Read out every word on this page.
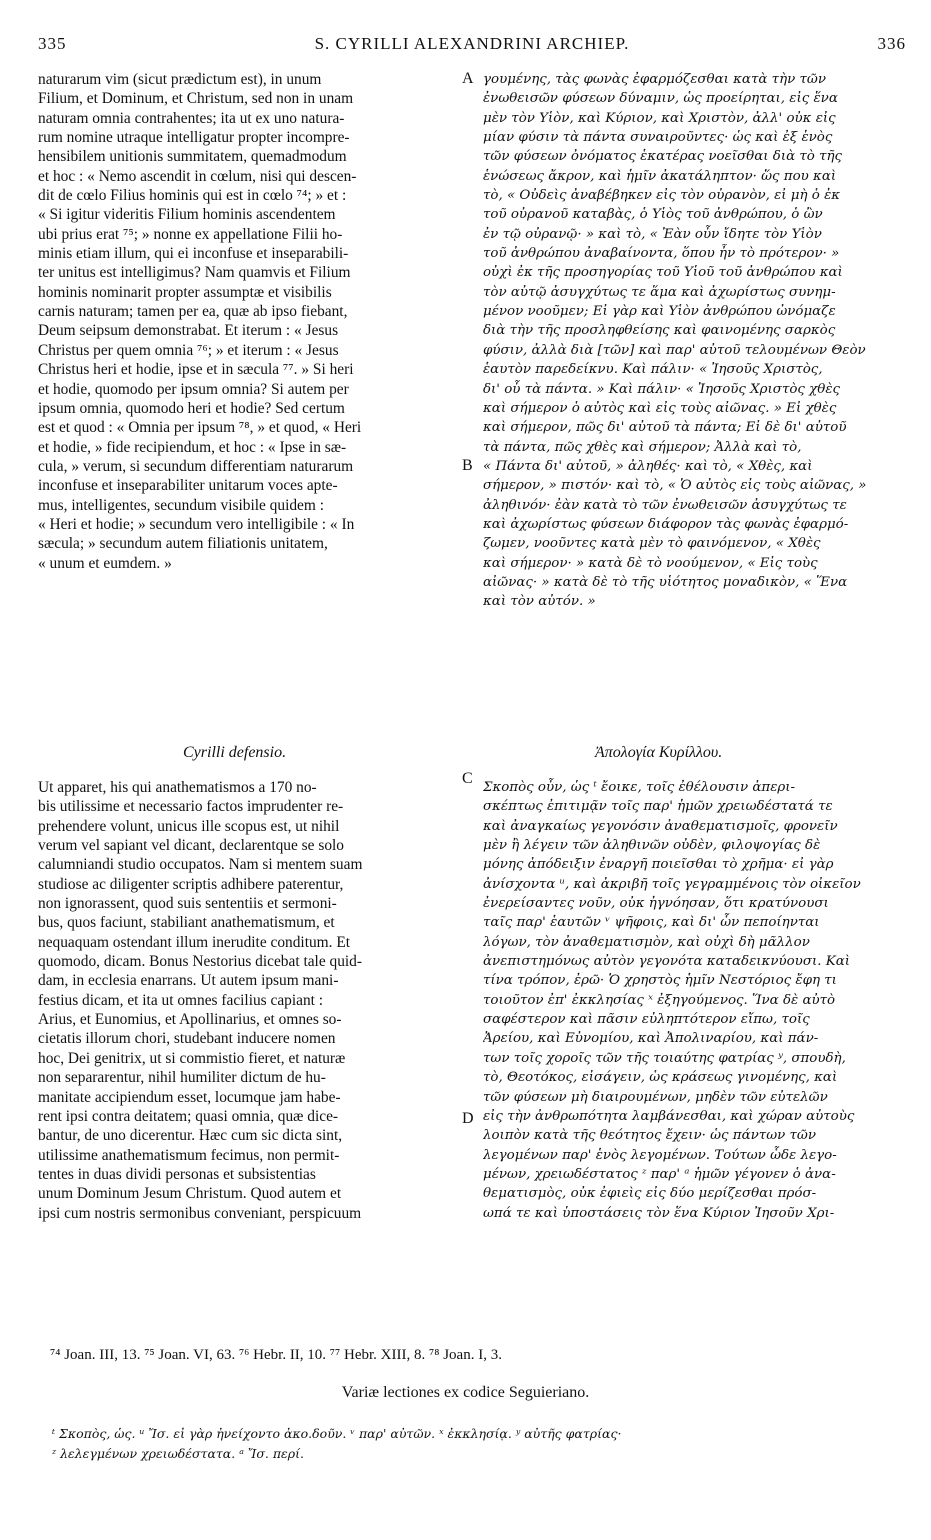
335	S. CYRILLI ALEXANDRINI ARCHIEP.	336
naturarum vim (sicut prædictum est), in unum
Filium, et Dominum, et Christum, sed non in unam
naturam omnia contrahentes; ita ut ex uno natura-
rum nomine utraque intelligatur propter incompre-
hensibilem unitionis summitatem, quemadmodum
et hoc : « Nemo ascendit in cœlum, nisi qui descen-
dit de cœlo Filius hominis qui est in cœlo ⁷⁴; » et :
« Si igitur videritis Filium hominis ascendentem
ubi prius erat ⁷⁵; » nonne ex appellatione Filii ho-
minis etiam illum, qui ei inconfuse et inseparabili-
ter unitus est intelligimus? Nam quamvis et Filium
hominis nominarit propter assumptæ et visibilis
carnis naturam; tamen per ea, quæ ab ipso fiebant,
Deum seipsum demonstrabat. Et iterum : « Jesus
Christus per quem omnia ⁷⁶; » et iterum : « Jesus
Christus heri et hodie, ipse et in sæcula ⁷⁷. » Si heri
et hodie, quomodo per ipsum omnia? Si autem per
ipsum omnia, quomodo heri et hodie? Sed certum
est et quod : « Omnia per ipsum ⁷⁸, » et quod, « Heri
et hodie, » fide recipiendum, et hoc : « Ipse in sæ-
cula, » verum, si secundum differentiam naturarum
inconfuse et inseparabiliter unitarum voces apte-
mus, intelligentes, secundum visibile quidem :
« Heri et hodie; » secundum vero intelligibile : « In
sæcula; » secundum autem filiationis unitatem,
« unum et eumdem. »
γουμένης, τὰς φωνὰς ἐφαρμόζεσθαι κατὰ τὴν τῶν
ἐνωθεισῶν φύσεων δύναμιν, ὡς προείρηται, εἰς ἕνα
μὲν τὸν Υἱὸν, καὶ Κύριον, καὶ Χριστὸν, ἀλλ' οὐκ εἰς
μίαν φύσιν τὰ πάντα συναιροῦντες· ὡς καὶ ἐξ ἑνὸς
τῶν φύσεων ὀνόματος ἑκατέρας νοεῖσθαι διὰ τὸ τῆς
ἑνώσεως ἄκρον, καὶ ἡμῖν ἀκατάληπτον· ὥς που καὶ
τὸ, « Οὐδεὶς ἀναβέβηκεν εἰς τὸν οὐρανὸν, εἰ μὴ ὁ ἐκ
τοῦ οὐρανοῦ καταβὰς, ὁ Υἱὸς τοῦ ἀνθρώπου, ὁ ὢν
ἐν τῷ οὐρανῷ· » καὶ τὸ, « Ἐὰν οὖν ἴδητε τὸν Υἱὸν
τοῦ ἀνθρώπου ἀναβαίνοντα, ὅπου ἦν τὸ πρότερον· »
οὐχὶ ἐκ τῆς προσηγορίας τοῦ Υἱοῦ τοῦ ἀνθρώπου καὶ
τὸν αὐτῷ ἀσυγχύτως τε ἅμα καὶ ἀχωρίστως συνημ-
μένον νοοῦμεν; Εἰ γὰρ καὶ Υἱὸν ἀνθρώπου ὠνόμαζε
διὰ τὴν τῆς προσληφθείσης καὶ φαινομένης σαρκὸς
φύσιν, ἀλλὰ διὰ [τῶν] καὶ παρ' αὐτοῦ τελουμένων Θεὸν
ἑαυτὸν παρεδείκνυ. Καὶ πάλιν· « Ἰησοῦς Χριστὸς,
δι' οὗ τὰ πάντα. » Καὶ πάλιν· « Ἰησοῦς Χριστὸς χθὲς
καὶ σήμερον ὁ αὐτὸς καὶ εἰς τοὺς αἰῶνας. » Εἰ χθὲς
καὶ σήμερον, πῶς δι' αὐτοῦ τὰ πάντα; Εἰ δὲ δι' αὐτοῦ
τὰ πάντα, πῶς χθὲς καὶ σήμερον; Ἀλλὰ καὶ τὸ,
« Πάντα δι' αὐτοῦ, » ἀληθές· καὶ τὸ, « Χθὲς, καὶ
σήμερον, » πιστόν· καὶ τὸ, « Ὁ αὐτὸς εἰς τοὺς αἰῶνας, »
ἀληθινόν· ἐὰν κατὰ τὸ τῶν ἐνωθεισῶν ἀσυγχύτως τε
καὶ ἀχωρίστως φύσεων διάφορον τὰς φωνὰς ἐφαρμό-
ζωμεν, νοοῦντες κατὰ μὲν τὸ φαινόμενον, « Χθὲς
καὶ σήμερον· » κατὰ δὲ τὸ νοούμενον, « Εἰς τοὺς
αἰῶνας· » κατὰ δὲ τὸ τῆς υἱότητος μοναδικὸν, « Ἕνα
καὶ τὸν αὐτόν. »
A
B
C
D
Cyrilli defensio.	Ἀπολογία Κυρίλλου.
Ut apparet, his qui anathematismos a 170 no-
bis utilissime et necessario factos imprudenter re-
prehendere volunt, unicus ille scopus est, ut nihil
verum vel sapiant vel dicant, declarentque se solo
calumniandi studio occupatos. Nam si mentem suam
studiose ac diligenter scriptis adhibere paterentur,
non ignorassent, quod suis sententiis et sermoni-
bus, quos faciunt, stabiliant anathematismum, et
nequaquam ostendant illum inerudite conditum. Et
quomodo, dicam. Bonus Nestorius dicebat tale quid-
dam, in ecclesia enarrans. Ut autem ipsum mani-
festius dicam, et ita ut omnes facilius capiant :
Arius, et Eunomius, et Apollinarius, et omnes so-
cietatis illorum chori, studebant inducere nomen
hoc, Dei genitrix, ut si commistio fieret, et naturæ
non separarentur, nihil humiliter dictum de hu-
manitate accipiendum esset, locumque jam habe-
rent ipsi contra deitatem; quasi omnia, quæ dice-
bantur, de uno dicerentur. Hæc cum sic dicta sint,
utilissime anathematismum fecimus, non permit-
tentes in duas dividi personas et subsistentias
unum Dominum Jesum Christum. Quod autem et
ipsi cum nostris sermonibus conveniant, perspicuum
Σκοπὸς οὖν, ὡς ᵗ ἔοικε, τοῖς ἐθέλουσιν ἀπερι-
σκέπτως ἐπιτιμᾷν τοῖς παρ' ἡμῶν χρειωδέστατά τε
καὶ ἀναγκαίως γεγονόσιν ἀναθεματισμοῖς, φρονεῖν
μὲν ἢ λέγειν τῶν ἀληθινῶν οὐδὲν, φιλοψογίας δὲ
μόνης ἀπόδειξιν ἐναργῆ ποιεῖσθαι τὸ χρῆμα· εἰ γὰρ
ἀνίσχοντα ᵘ, καὶ ἀκριβῆ τοῖς γεγραμμένοις τὸν οἰκεῖον
ἐνερείσαντες νοῦν, οὐκ ἠγνόησαν, ὅτι κρατύνουσι
ταῖς παρ' ἑαυτῶν ᵛ ψῆφοις, καὶ δι' ὧν πεποίηνται
λόγων, τὸν ἀναθεματισμὸν, καὶ οὐχὶ δὴ μᾶλλον
ἀνεπιστημόνως αὐτὸν γεγονότα καταδεικνύουσι. Καὶ
τίνα τρόπον, ἐρῶ· Ὁ χρηστὸς ἡμῖν Νεστόριος ἔφη τι
τοιοῦτον ἐπ' ἐκκλησίας ˣ ἐξηγούμενος. Ἵνα δὲ αὐτὸ
σαφέστερον καὶ πᾶσιν εὐληπτότερον εἴπω, τοῖς
Ἀρείου, καὶ Εὐνομίου, καὶ Ἀπολιναρίου, καὶ πάν-
των τοῖς χοροῖς τῶν τῆς τοιαύτης φατρίας ʸ, σπουδὴ,
τὸ, Θεοτόκος, εἰσάγειν, ὡς κράσεως γινομένης, καὶ
τῶν φύσεων μὴ διαιρουμένων, μηδὲν τῶν εὐτελῶν
εἰς τὴν ἀνθρωπότητα λαμβάνεσθαι, καὶ χώραν αὐτοὺς
λοιπὸν κατὰ τῆς θεότητος ἔχειν· ὡς πάντων τῶν
λεγομένων παρ' ἑνὸς λεγομένων. Τούτων ὧδε λεγο-
μένων, χρειωδέστατος ᶻ παρ' ᵃ ἡμῶν γέγονεν ὁ ἀνα-
θεματισμὸς, οὐκ ἐφιεὶς εἰς δύο μερίζεσθαι πρόσ-
ωπά τε καὶ ὑποστάσεις τὸν ἕνα Κύριον Ἰησοῦν Χρι-
⁷⁴ Joan. III, 13. ⁷⁵ Joan. VI, 63. ⁷⁶ Hebr. II, 10. ⁷⁷ Hebr. XIII, 8. ⁷⁸ Joan. I, 3.
Variæ lectiones ex codice Seguieriano.
ᵗ Σκοπὸς, ὡς. ᵘ Ἴσ. εἰ γὰρ ἠνείχοντο ἀκο.δοῦν. ᵛ παρ' αὐτῶν. ˣ ἐκκλησίᾳ. ʸ αὐτῆς φατρίας·
ᶻ λελεγμένων χρειωδέστατα. ᵃ Ἴσ. περί.
